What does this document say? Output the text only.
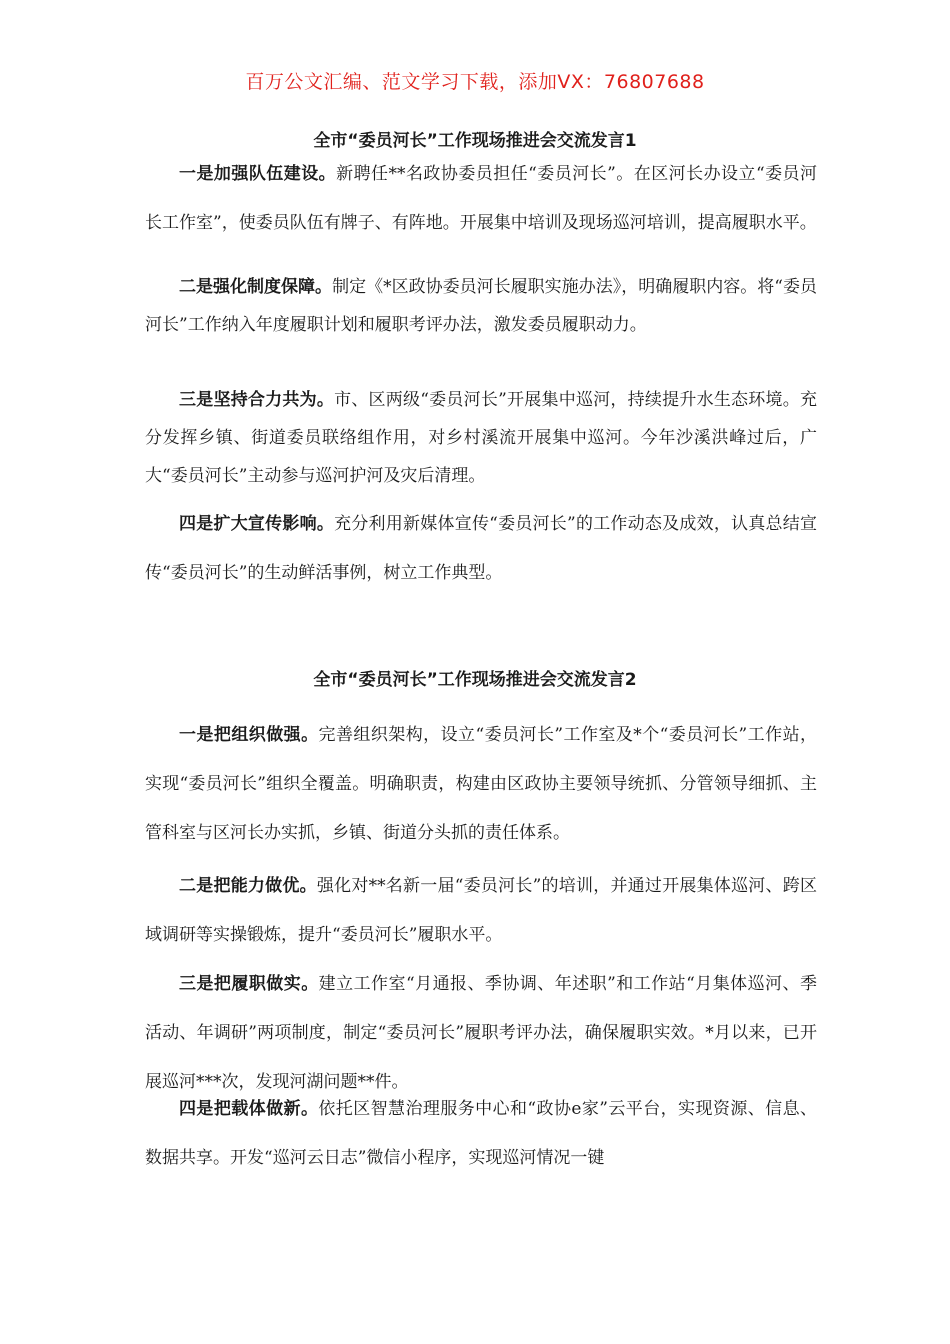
百万公文汇编、范文学习下载，添加VX：76807688
全市“委员河长”工作现场推进会交流发言1
一是加强队伍建设。新聘任**名政协委员担任“委员河长”。在区河长办设立“委员河长工作室”，使委员队伍有牌子、有阵地。开展集中培训及现场巡河培训，提高履职水平。
二是强化制度保障。制定《*区政协委员河长履职实施办法》，明确履职内容。将“委员河长”工作纳入年度履职计划和履职考评办法，激发委员履职动力。
三是坚持合力共为。市、区两级“委员河长”开展集中巡河，持续提升水生态环境。充分发挥乡镇、街道委员联络组作用，对乡村溪流开展集中巡河。今年沙溪洪峰过后，广大“委员河长”主动参与巡河护河及灾后清理。
四是扩大宣传影响。充分利用新媒体宣传“委员河长”的工作动态及成效，认真总结宣传“委员河长”的生动鲜活事例，树立工作典型。
全市“委员河长”工作现场推进会交流发言2
一是把组织做强。完善组织架构，设立“委员河长”工作室及*个“委员河长”工作站，实现“委员河长”组织全覆盖。明确职责，构建由区政协主要领导统抓、分管领导细抓、主管科室与区河长办实抓，乡镇、街道分头抓的责任体系。
二是把能力做优。强化对**名新一届“委员河长”的培训，并通过开展集体巡河、跨区域调研等实操锻炼，提升“委员河长”履职水平。
三是把履职做实。建立工作室“月通报、季协调、年述职”和工作站“月集体巡河、季活动、年调研”两项制度，制定“委员河长”履职考评办法，确保履职实效。*月以来，已开展巡河***次，发现河湖问题**件。
四是把载体做新。依托区智慧治理服务中心和“政协e家”云平台，实现资源、信息、数据共享。开发“巡河云日志”微信小程序，实现巡河情况一键
